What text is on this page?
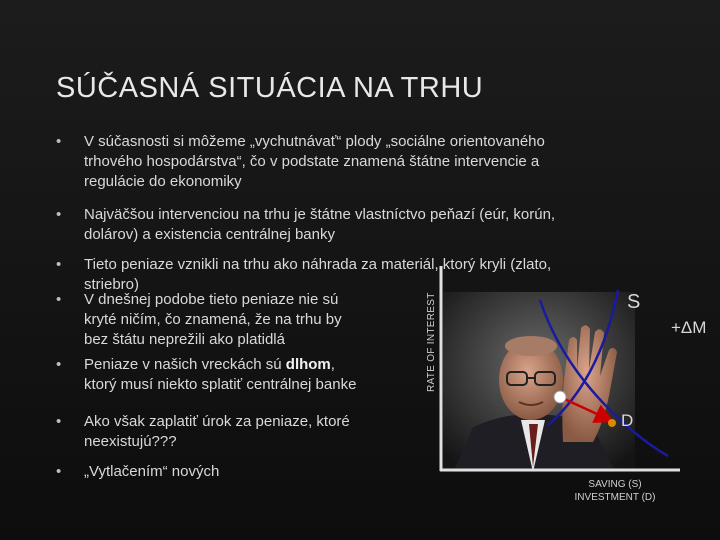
SÚČASNÁ SITUÁCIA NA TRHU
•	V súčasnosti si môžeme „vychutnávať“ plody „sociálne orientovaného
trhového hospodárstva“, čo v podstate znamená štátne intervencie a
regulácie do ekonomiky
•	Najväčšou intervenciou na trhu je štátne vlastníctvo peňazí (eúr, korún,
dolárov) a existencia centrálnej banky
•	Tieto peniaze vznikli na trhu ako náhrada za materiál, ktorý kryli (zlato,
striebro)
•	V dnešnej podobe tieto peniaze nie sú
kryté ničím, čo znamená, že na trhu by
bez štátu neprežili ako platidlá
•	Peniaze v našich vreckách sú dlhom,
ktorý musí niekto splatiť centrálnej banke
•	Ako však zaplatiť úrok za peniaze, ktoré
neexistujú???
•	„Vytlačením“ nových
RATE OF INTEREST	S
+ΔM
D
SAVING (S)
INVESTMENT (D)
